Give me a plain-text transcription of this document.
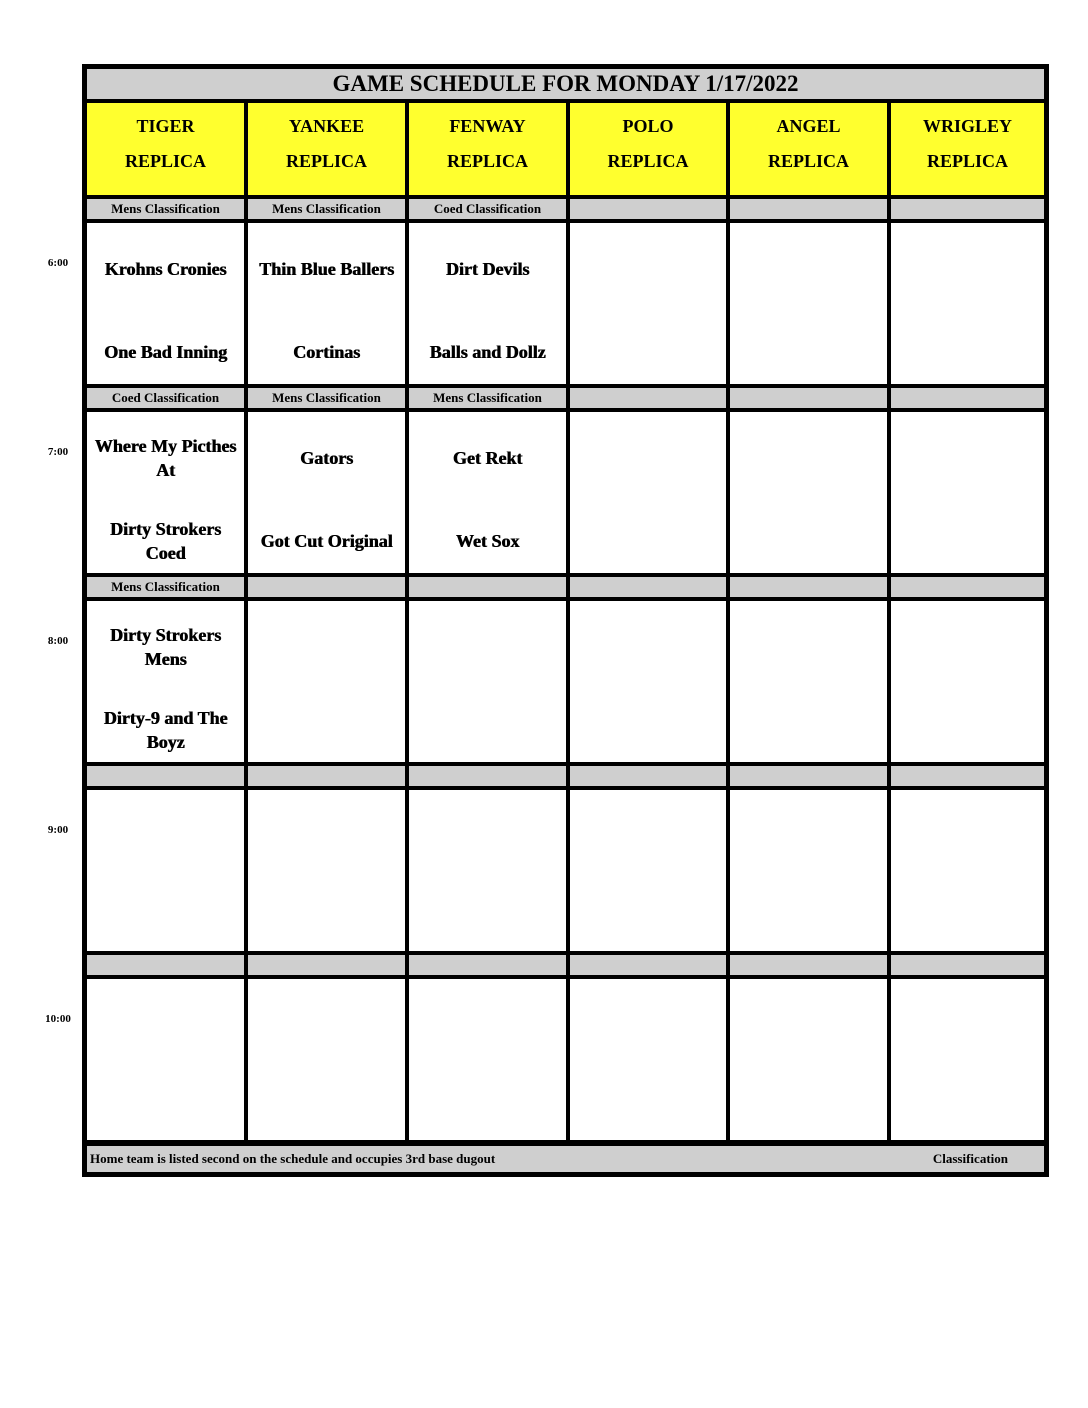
6:00
7:00
8:00
9:00
10:00
GAME SCHEDULE FOR MONDAY 1/17/2022
TIGER
REPLICA
YANKEE
REPLICA
FENWAY
REPLICA
POLO
REPLICA
ANGEL
REPLICA
WRIGLEY
REPLICA
Mens Classification
Krohns Cronies
One Bad Inning
Mens Classification
Thin Blue Ballers
Cortinas
Coed Classification
Dirt Devils
Balls and Dollz
Coed Classification
Where My Picthes At
Dirty Strokers Coed
Mens Classification
Gators
Got Cut Original
Mens Classification
Get Rekt
Wet Sox
Mens Classification
Dirty Strokers Mens
Dirty-9 and The Boyz
Home team is listed second on the schedule and occupies 3rd base dugout	Classification
